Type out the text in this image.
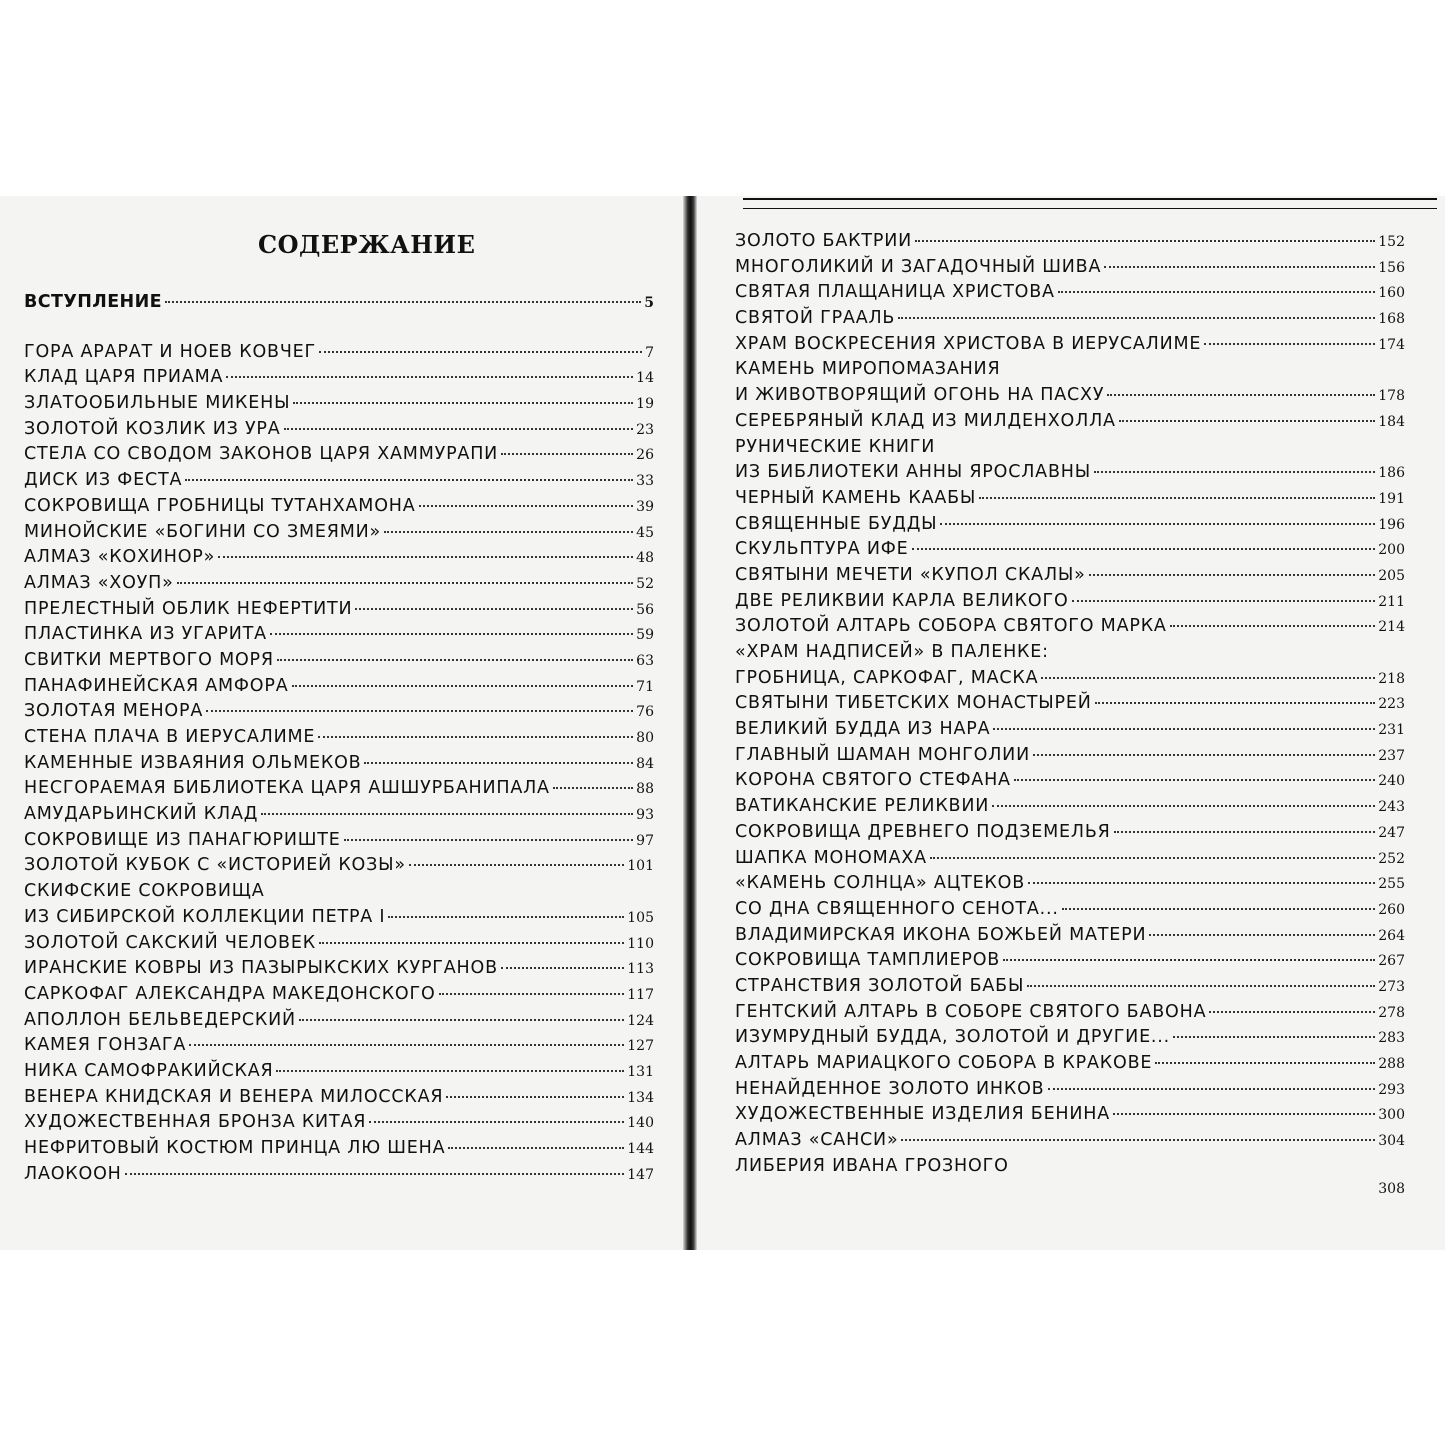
СОДЕРЖАНИЕ
ВСТУПЛЕНИЕ	5
ГОРА АРАРАТ И НОЕВ КОВЧЕГ	7
КЛАД ЦАРЯ ПРИАМА	14
ЗЛАТООБИЛЬНЫЕ МИКЕНЫ	19
ЗОЛОТОЙ КОЗЛИК ИЗ УРА	23
СТЕЛА СО СВОДОМ ЗАКОНОВ ЦАРЯ ХАММУРАПИ	26
ДИСК ИЗ ФЕСТА	33
СОКРОВИЩА ГРОБНИЦЫ ТУТАНХАМОНА	39
МИНОЙСКИЕ «БОГИНИ СО ЗМЕЯМИ»	45
АЛМАЗ «КОХИНОР»	48
АЛМАЗ «ХОУП»	52
ПРЕЛЕСТНЫЙ ОБЛИК НЕФЕРТИТИ	56
ПЛАСТИНКА ИЗ УГАРИТА	59
СВИТКИ МЕРТВОГО МОРЯ	63
ПАНАФИНЕЙСКАЯ АМФОРА	71
ЗОЛОТАЯ МЕНОРА	76
СТЕНА ПЛАЧА В ИЕРУСАЛИМЕ	80
КАМЕННЫЕ ИЗВАЯНИЯ ОЛЬМЕКОВ	84
НЕСГОРАЕМАЯ БИБЛИОТЕКА ЦАРЯ АШШУРБАНИПАЛА	88
АМУДАРЬИНСКИЙ КЛАД	93
СОКРОВИЩЕ ИЗ ПАНАГЮРИШТЕ	97
ЗОЛОТОЙ КУБОК С «ИСТОРИЕЙ КОЗЫ»	101
СКИФСКИЕ СОКРОВИЩА
ИЗ СИБИРСКОЙ КОЛЛЕКЦИИ ПЕТРА I	105
ЗОЛОТОЙ САКСКИЙ ЧЕЛОВЕК	110
ИРАНСКИЕ КОВРЫ ИЗ ПАЗЫРЫКСКИХ КУРГАНОВ	113
САРКОФАГ АЛЕКСАНДРА МАКЕДОНСКОГО	117
АПОЛЛОН БЕЛЬВЕДЕРСКИЙ	124
КАМЕЯ ГОНЗАГА	127
НИКА САМОФРАКИЙСКАЯ	131
ВЕНЕРА КНИДСКАЯ И ВЕНЕРА МИЛОССКАЯ	134
ХУДОЖЕСТВЕННАЯ БРОНЗА КИТАЯ	140
НЕФРИТОВЫЙ КОСТЮМ ПРИНЦА ЛЮ ШЕНА	144
ЛАОКООН	147
ЗОЛОТО БАКТРИИ	152
МНОГОЛИКИЙ И ЗАГАДОЧНЫЙ ШИВА	156
СВЯТАЯ ПЛАЩАНИЦА ХРИСТОВА	160
СВЯТОЙ ГРААЛЬ	168
ХРАМ ВОСКРЕСЕНИЯ ХРИСТОВА В ИЕРУСАЛИМЕ	174
КАМЕНЬ МИРОПОМАЗАНИЯ
И ЖИВОТВОРЯЩИЙ ОГОНЬ НА ПАСХУ	178
СЕРЕБРЯНЫЙ КЛАД ИЗ МИЛДЕНХОЛЛА	184
РУНИЧЕСКИЕ КНИГИ
ИЗ БИБЛИОТЕКИ АННЫ ЯРОСЛАВНЫ	186
ЧЕРНЫЙ КАМЕНЬ КААБЫ	191
СВЯЩЕННЫЕ БУДДЫ	196
СКУЛЬПТУРА ИФЕ	200
СВЯТЫНИ МЕЧЕТИ «КУПОЛ СКАЛЫ»	205
ДВЕ РЕЛИКВИИ КАРЛА ВЕЛИКОГО	211
ЗОЛОТОЙ АЛТАРЬ СОБОРА СВЯТОГО МАРКА	214
«ХРАМ НАДПИСЕЙ» В ПАЛЕНКЕ:
ГРОБНИЦА, САРКОФАГ, МАСКА	218
СВЯТЫНИ ТИБЕТСКИХ МОНАСТЫРЕЙ	223
ВЕЛИКИЙ БУДДА ИЗ НАРА	231
ГЛАВНЫЙ ШАМАН МОНГОЛИИ	237
КОРОНА СВЯТОГО СТЕФАНА	240
ВАТИКАНСКИЕ РЕЛИКВИИ	243
СОКРОВИЩА ДРЕВНЕГО ПОДЗЕМЕЛЬЯ	247
ШАПКА МОНОМАХА	252
«КАМЕНЬ СОЛНЦА» АЦТЕКОВ	255
СО ДНА СВЯЩЕННОГО СЕНОТА...	260
ВЛАДИМИРСКАЯ ИКОНА БОЖЬЕЙ МАТЕРИ	264
СОКРОВИЩА ТАМПЛИЕРОВ	267
СТРАНСТВИЯ ЗОЛОТОЙ БАБЫ	273
ГЕНТСКИЙ АЛТАРЬ В СОБОРЕ СВЯТОГО БАВОНА	278
ИЗУМРУДНЫЙ БУДДА, ЗОЛОТОЙ И ДРУГИЕ...	283
АЛТАРЬ МАРИАЦКОГО СОБОРА В КРАКОВЕ	288
НЕНАЙДЕННОЕ ЗОЛОТО ИНКОВ	293
ХУДОЖЕСТВЕННЫЕ ИЗДЕЛИЯ БЕНИНА	300
АЛМАЗ «САНСИ»	304
ЛИБЕРИЯ ИВАНА ГРОЗНОГО
308
